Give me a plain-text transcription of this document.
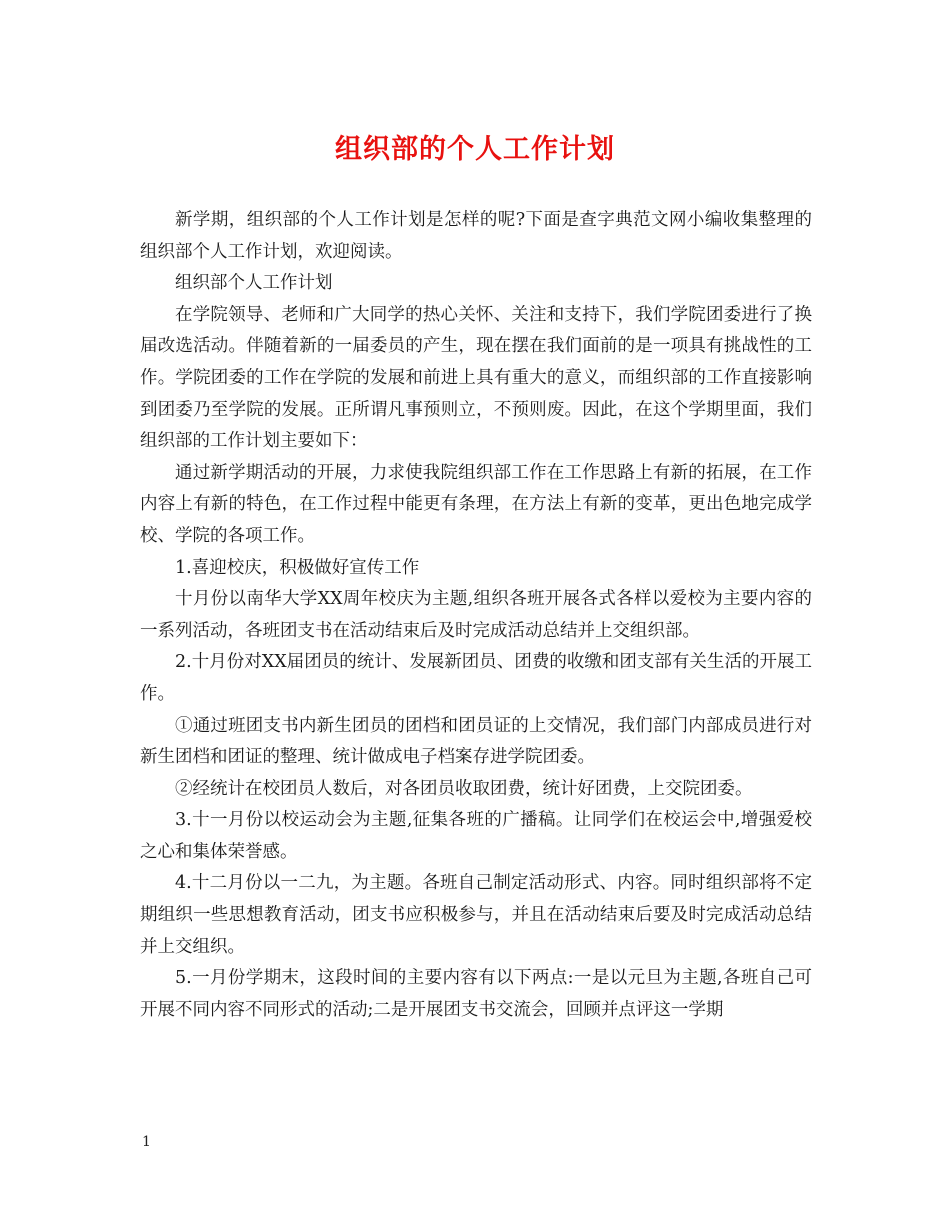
组织部的个人工作计划

新学期，组织部的个人工作计划是怎样的呢?下面是查字典范文网小编收集整理的组织部个人工作计划，欢迎阅读。

组织部个人工作计划

在学院领导、老师和广大同学的热心关怀、关注和支持下，我们学院团委进行了换届改选活动。伴随着新的一届委员的产生，现在摆在我们面前的是一项具有挑战性的工作。学院团委的工作在学院的发展和前进上具有重大的意义，而组织部的工作直接影响到团委乃至学院的发展。正所谓凡事预则立，不预则废。因此，在这个学期里面，我们组织部的工作计划主要如下：

通过新学期活动的开展，力求使我院组织部工作在工作思路上有新的拓展，在工作内容上有新的特色，在工作过程中能更有条理，在方法上有新的变革，更出色地完成学校、学院的各项工作。

1.喜迎校庆，积极做好宣传工作

十月份以南华大学XX周年校庆为主题,组织各班开展各式各样以爱校为主要内容的一系列活动，各班团支书在活动结束后及时完成活动总结并上交组织部。

2.十月份对XX届团员的统计、发展新团员、团费的收缴和团支部有关生活的开展工作。

①通过班团支书内新生团员的团档和团员证的上交情况，我们部门内部成员进行对新生团档和团证的整理、统计做成电子档案存进学院团委。

②经统计在校团员人数后，对各团员收取团费，统计好团费，上交院团委。

3.十一月份以校运动会为主题,征集各班的广播稿。让同学们在校运会中,增强爱校之心和集体荣誉感。

4.十二月份以一二九，为主题。各班自己制定活动形式、内容。同时组织部将不定期组织一些思想教育活动，团支书应积极参与，并且在活动结束后要及时完成活动总结并上交组织。

5.一月份学期末，这段时间的主要内容有以下两点:一是以元旦为主题,各班自己可开展不同内容不同形式的活动;二是开展团支书交流会，回顾并点评这一学期

1
